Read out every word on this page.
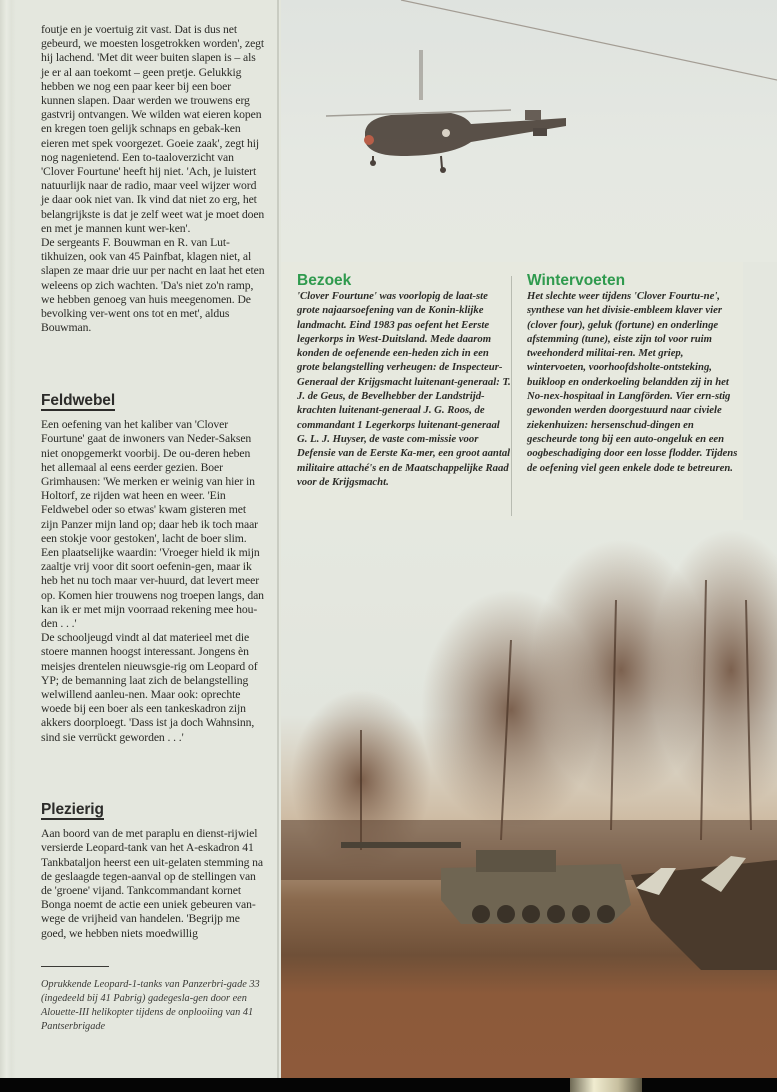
foutje en je voertuig zit vast. Dat is dus net gebeurd, we moesten losgetrokken worden', zegt hij lachend. 'Met dit weer buiten slapen is – als je er al aan toekomt – geen pretje. Gelukkig hebben we nog een paar keer bij een boer kunnen slapen. Daar werden we trouwens erg gastvrij ontvangen. We wilden wat eieren kopen en kregen toen gelijk schnaps en gebak-ken eieren met spek voorgezet. Goeie zaak', zegt hij nog nagenietend. Een to-taaloverzicht van 'Clover Fourtune' heeft hij niet. 'Ach, je luistert natuurlijk naar de radio, maar veel wijzer word je daar ook niet van. Ik vind dat niet zo erg, het belangrijkste is dat je zelf weet wat je moet doen en met je mannen kunt wer-ken'.

De sergeants F. Bouwman en R. van Lut-tikhuizen, ook van 45 Painfbat, klagen niet, al slapen ze maar drie uur per nacht en laat het eten weleens op zich wachten. 'Da's niet zo'n ramp, we hebben genoeg van huis meegenomen. De bevolking ver-went ons tot en met', aldus Bouwman.

Feldwebel

Een oefening van het kaliber van 'Clover Fourtune' gaat de inwoners van Neder-Saksen niet onopgemerkt voorbij. De ou-deren heben het allemaal al eens eerder gezien. Boer Grimhausen: 'We merken er weinig van hier in Holtorf, ze rijden wat heen en weer. 'Ein Feldwebel oder so etwas' kwam gisteren met zijn Panzer mijn land op; daar heb ik toch maar een stokje voor gestoken', lacht de boer slim. Een plaatselijke waardin: 'Vroeger hield ik mijn zaaltje vrij voor dit soort oefenin-gen, maar ik heb het nu toch maar ver-huurd, dat levert meer op. Komen hier trouwens nog troepen langs, dan kan ik er met mijn voorraad rekening mee hou-den . . .'

De schooljeugd vindt al dat materieel met die stoere mannen hoogst interessant. Jongens èn meisjes drentelen nieuwsgie-rig om Leopard of YP; de bemanning laat zich de belangstelling welwillend aanleu-nen. Maar ook: oprechte woede bij een boer als een tankeskadron zijn akkers doorploegt. 'Dass ist ja doch Wahnsinn, sind sie verrückt geworden . . .'

Plezierig

Aan boord van de met paraplu en dienst-rijwiel versierde Leopard-tank van het A-eskadron 41 Tankbataljon heerst een uit-gelaten stemming na de geslaagde tegen-aanval op de stellingen van de 'groene' vijand. Tankcommandant kornet Bonga noemt de actie een uniek gebeuren van-wege de vrijheid van handelen. 'Begrijp me goed, we hebben niets moedwillig

Oprukkende Leopard-1-tanks van Panzerbri-gade 33 (ingedeeld bij 41 Pabrig) gadegesla-gen door een Alouette-III helikopter tijdens de onplooiing van 41 Pantserbrigade
Bezoek
'Clover Fourtune' was voorlopig de laat-ste grote najaarsoefening van de Konin-klijke landmacht. Eind 1983 pas oefent het Eerste legerkorps in West-Duitsland. Mede daarom konden de oefenende een-heden zich in een grote belangstelling verheugen: de Inspecteur-Generaal der Krijgsmacht luitenant-generaal: T. J. de Geus, de Bevelhebber der Landstrijd-krachten luitenant-generaal J. G. Roos, de commandant 1 Legerkorps luitenant-generaal G. L. J. Huyser, de vaste com-missie voor Defensie van de Eerste Ka-mer, een groot aantal militaire attaché's en de Maatschappelijke Raad voor de Krijgsmacht.
Wintervoeten
Het slechte weer tijdens 'Clover Fourtu-ne', synthese van het divisie-embleem klaver vier (clover four), geluk (fortune) en onderlinge afstemming (tune), eiste zijn tol voor ruim tweehonderd militai-ren. Met griep, wintervoeten, voorhoofdsholte-ontsteking, buikloop en onderkoeling belandden zij in het No-nex-hospitaal in Langförden. Vier ern-stig gewonden werden doorgestuurd naar civiele ziekenhuizen: hersenschud-dingen en gescheurde tong bij een auto-ongeluk en een oogbeschadiging door een losse flodder. Tijdens de oefening viel geen enkele dode te betreuren.
